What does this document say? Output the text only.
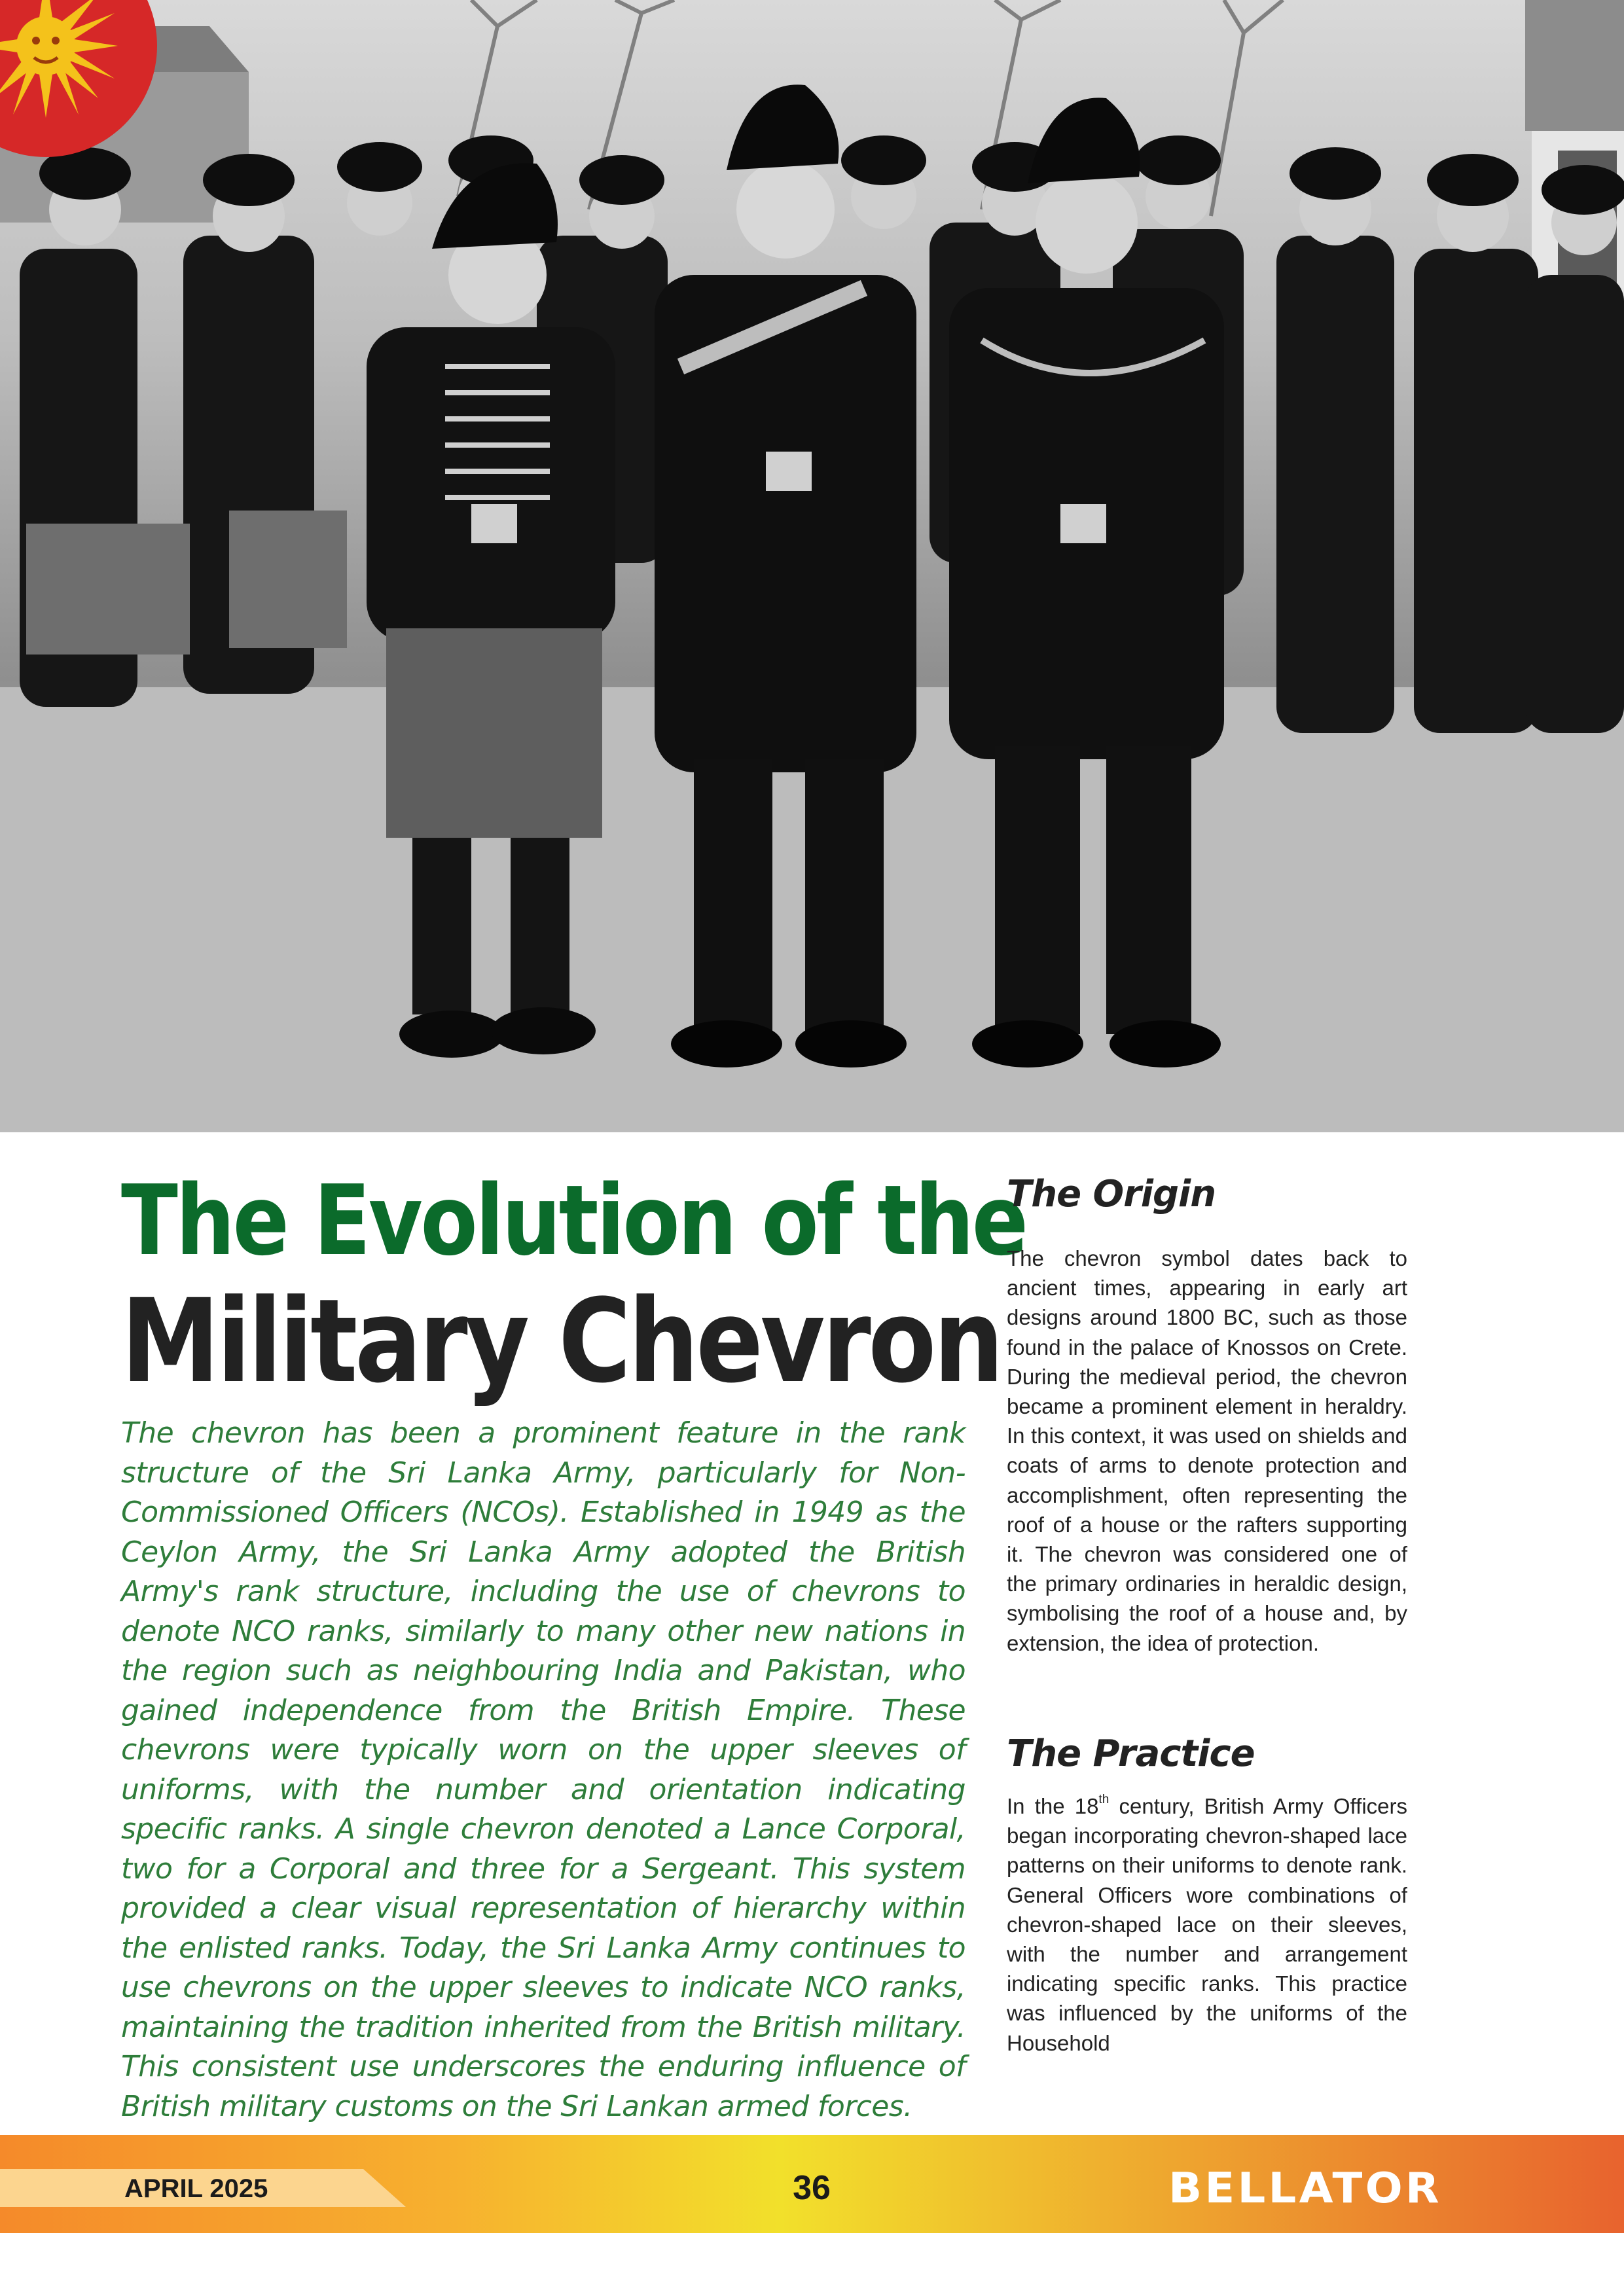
The Evolution of the
Military Chevron
The chevron has been a prominent feature in the rank structure of the Sri Lanka Army, particularly for Non-Commissioned Officers (NCOs). Established in 1949 as the Ceylon Army, the Sri Lanka Army adopted the British Army's rank structure, including the use of chevrons to denote NCO ranks, similarly to many other new nations in the region such as neighbouring India and Pakistan, who gained independence from the British Empire. These chevrons were typically worn on the upper sleeves of uniforms, with the number and orientation indicating specific ranks. A single chevron denoted a Lance Corporal, two for a Corporal and three for a Sergeant. This system provided a clear visual representation of hierarchy within the enlisted ranks. Today, the Sri Lanka Army continues to use chevrons on the upper sleeves to indicate NCO ranks, maintaining the tradition inherited from the British military. This consistent use underscores the enduring influence of British military customs on the Sri Lankan armed forces.
The Origin
The chevron symbol dates back to ancient times, appearing in early art designs around 1800 BC, such as those found in the palace of Knossos on Crete. During the medieval period, the chevron became a prominent element in heraldry. In this context, it was used on shields and coats of arms to denote protection and accomplishment, often representing the roof of a house or the rafters supporting it. The chevron was considered one of the primary ordinaries in heraldic design, symbolising the roof of a house and, by extension, the idea of protection.
The Practice
In the 18th century, British Army Officers began incorporating chevron-shaped lace patterns on their uniforms to denote rank. General Officers wore combinations of chevron-shaped lace on their sleeves, with the number and arrangement indicating specific ranks. This practice was influenced by the uniforms of the Household
APRIL 2025	36	BELLATOR
